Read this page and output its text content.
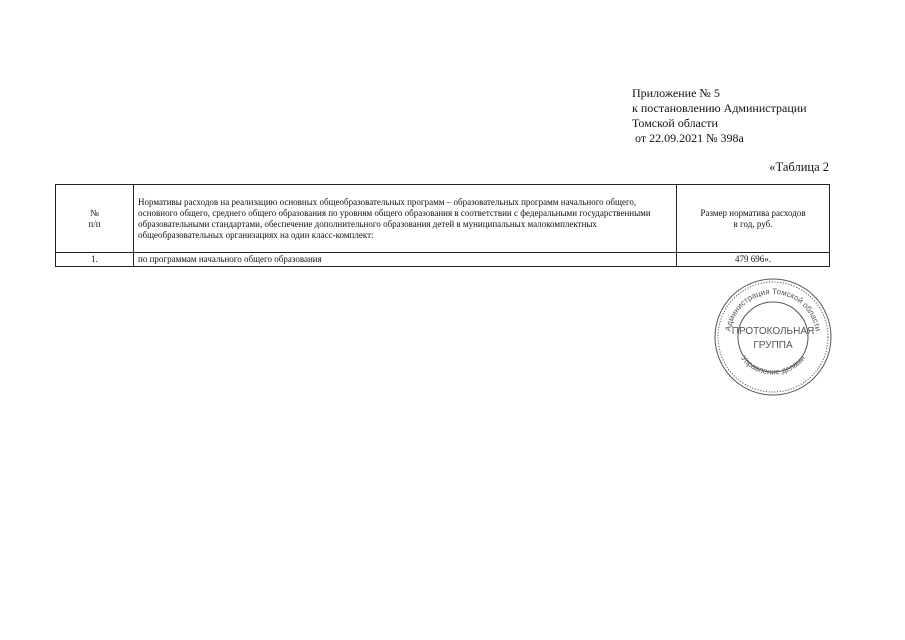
Приложение № 5
к постановлению Администрации
Томской области
от 22.09.2021 № 398а
«Таблица 2
№
п/п	Нормативы расходов на реализацию основных общеобразовательных программ – образовательных программ начального общего, основного общего, среднего общего образования по уровням общего образования в соответствии с федеральными государственными образовательными стандартами, обеспечение дополнительного образования детей в муниципальных малокомплектных общеобразовательных организациях на один класс-комплект:	Размер норматива расходов
в год, руб.
1.	по программам начального общего образования	479 696».
Администрация Томской области
Управление делами
ПРОТОКОЛЬНАЯ
ГРУППА
